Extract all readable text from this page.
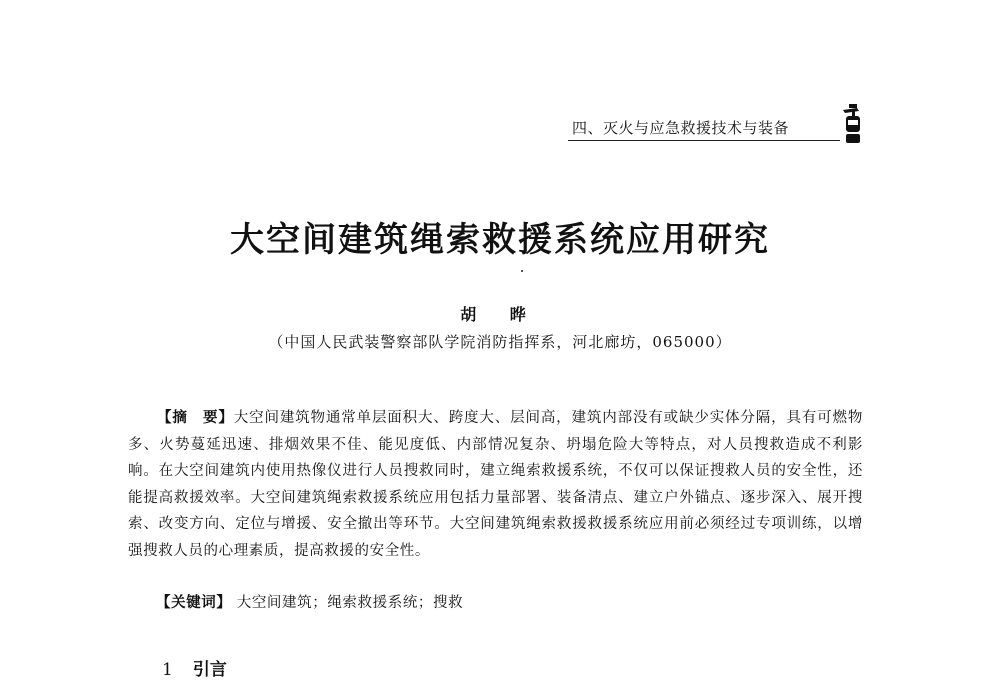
四、灭火与应急救援技术与装备
大空间建筑绳索救援系统应用研究
胡 晔
（中国人民武装警察部队学院消防指挥系，河北廊坊，065000）

【摘　要】大空间建筑物通常单层面积大、跨度大、层间高，建筑内部没有或缺少实体分隔，具有可燃物多、火势蔓延迅速、排烟效果不佳、能见度低、内部情况复杂、坍塌危险大等特点，对人员搜救造成不利影响。在大空间建筑内使用热像仪进行人员搜救同时，建立绳索救援系统，不仅可以保证搜救人员的安全性，还能提高救援效率。大空间建筑绳索救援系统应用包括力量部署、装备清点、建立户外锚点、逐步深入、展开搜索、改变方向、定位与增援、安全撤出等环节。大空间建筑绳索救援救援系统应用前必须经过专项训练，以增强搜救人员的心理素质，提高救援的安全性。

【关键词】 大空间建筑；绳索救援系统；搜救
1 引言
